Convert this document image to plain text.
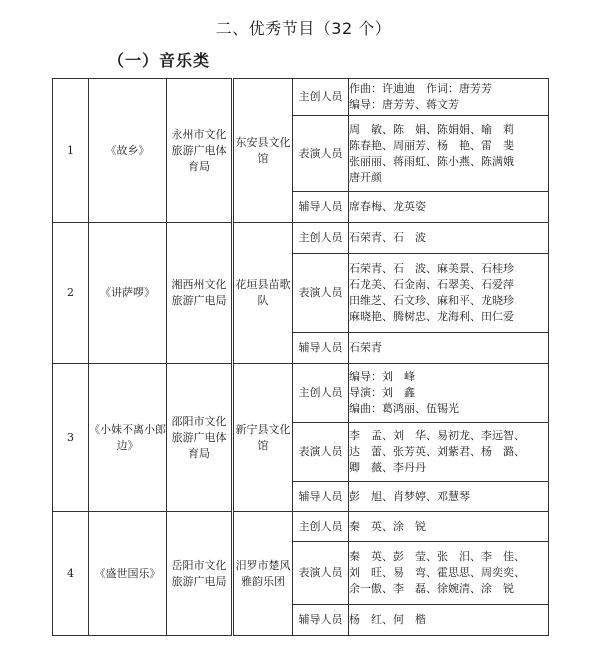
二、优秀节目（32 个）
（一）音乐类
1	《故乡》	永州市文化旅游广电体育局	东安县文化馆	主创人员	作曲：许迪迪　作词：唐芳芳
编导：唐芳芳、蒋文芳

				表演人员	周　敏、陈　娟、陈娟娟、喻　莉
陈春艳、周丽芳、杨　艳、雷　斐
张丽丽、蒋雨虹、陈小燕、陈满娥
唐开颜

				辅导人员	席春梅、龙英姿

2	《讲萨啰》	湘西州文化旅游广电局	花垣县苗歌队	主创人员	石荣青、石　波

				表演人员	石荣青、石　波、麻美景、石桂珍
石龙美、石金南、石翠美、石爱萍
田维芝、石文珍、麻和平、龙晓珍
麻晓艳、腾树忠、龙海利、田仁爱

				辅导人员	石荣青

3	《小妹不离小郎边》	邵阳市文化旅游广电体育局	新宁县文化馆	主创人员	编导：刘　峰
导演：刘　鑫
编曲：葛鸿丽、伍锡光

				表演人员	李　孟、刘　华、易初龙、李远智、
达　蕾、张芳英、刘紫君、杨　潞、
卿　薇、李丹丹

				辅导人员	彭　旭、肖梦婷、邓慧琴

4	《盛世国乐》	岳阳市文化旅游广电局	汨罗市楚风雅韵乐团	主创人员	秦　英、涂　锐

				表演人员	秦　英、彭　莹、张　汨、李　佳、
刘　旺、易　弯、霍思思、周奕奕、
余一傲、李　磊、徐婉清、涂　锐

				辅导人员	杨　红、何　楷
